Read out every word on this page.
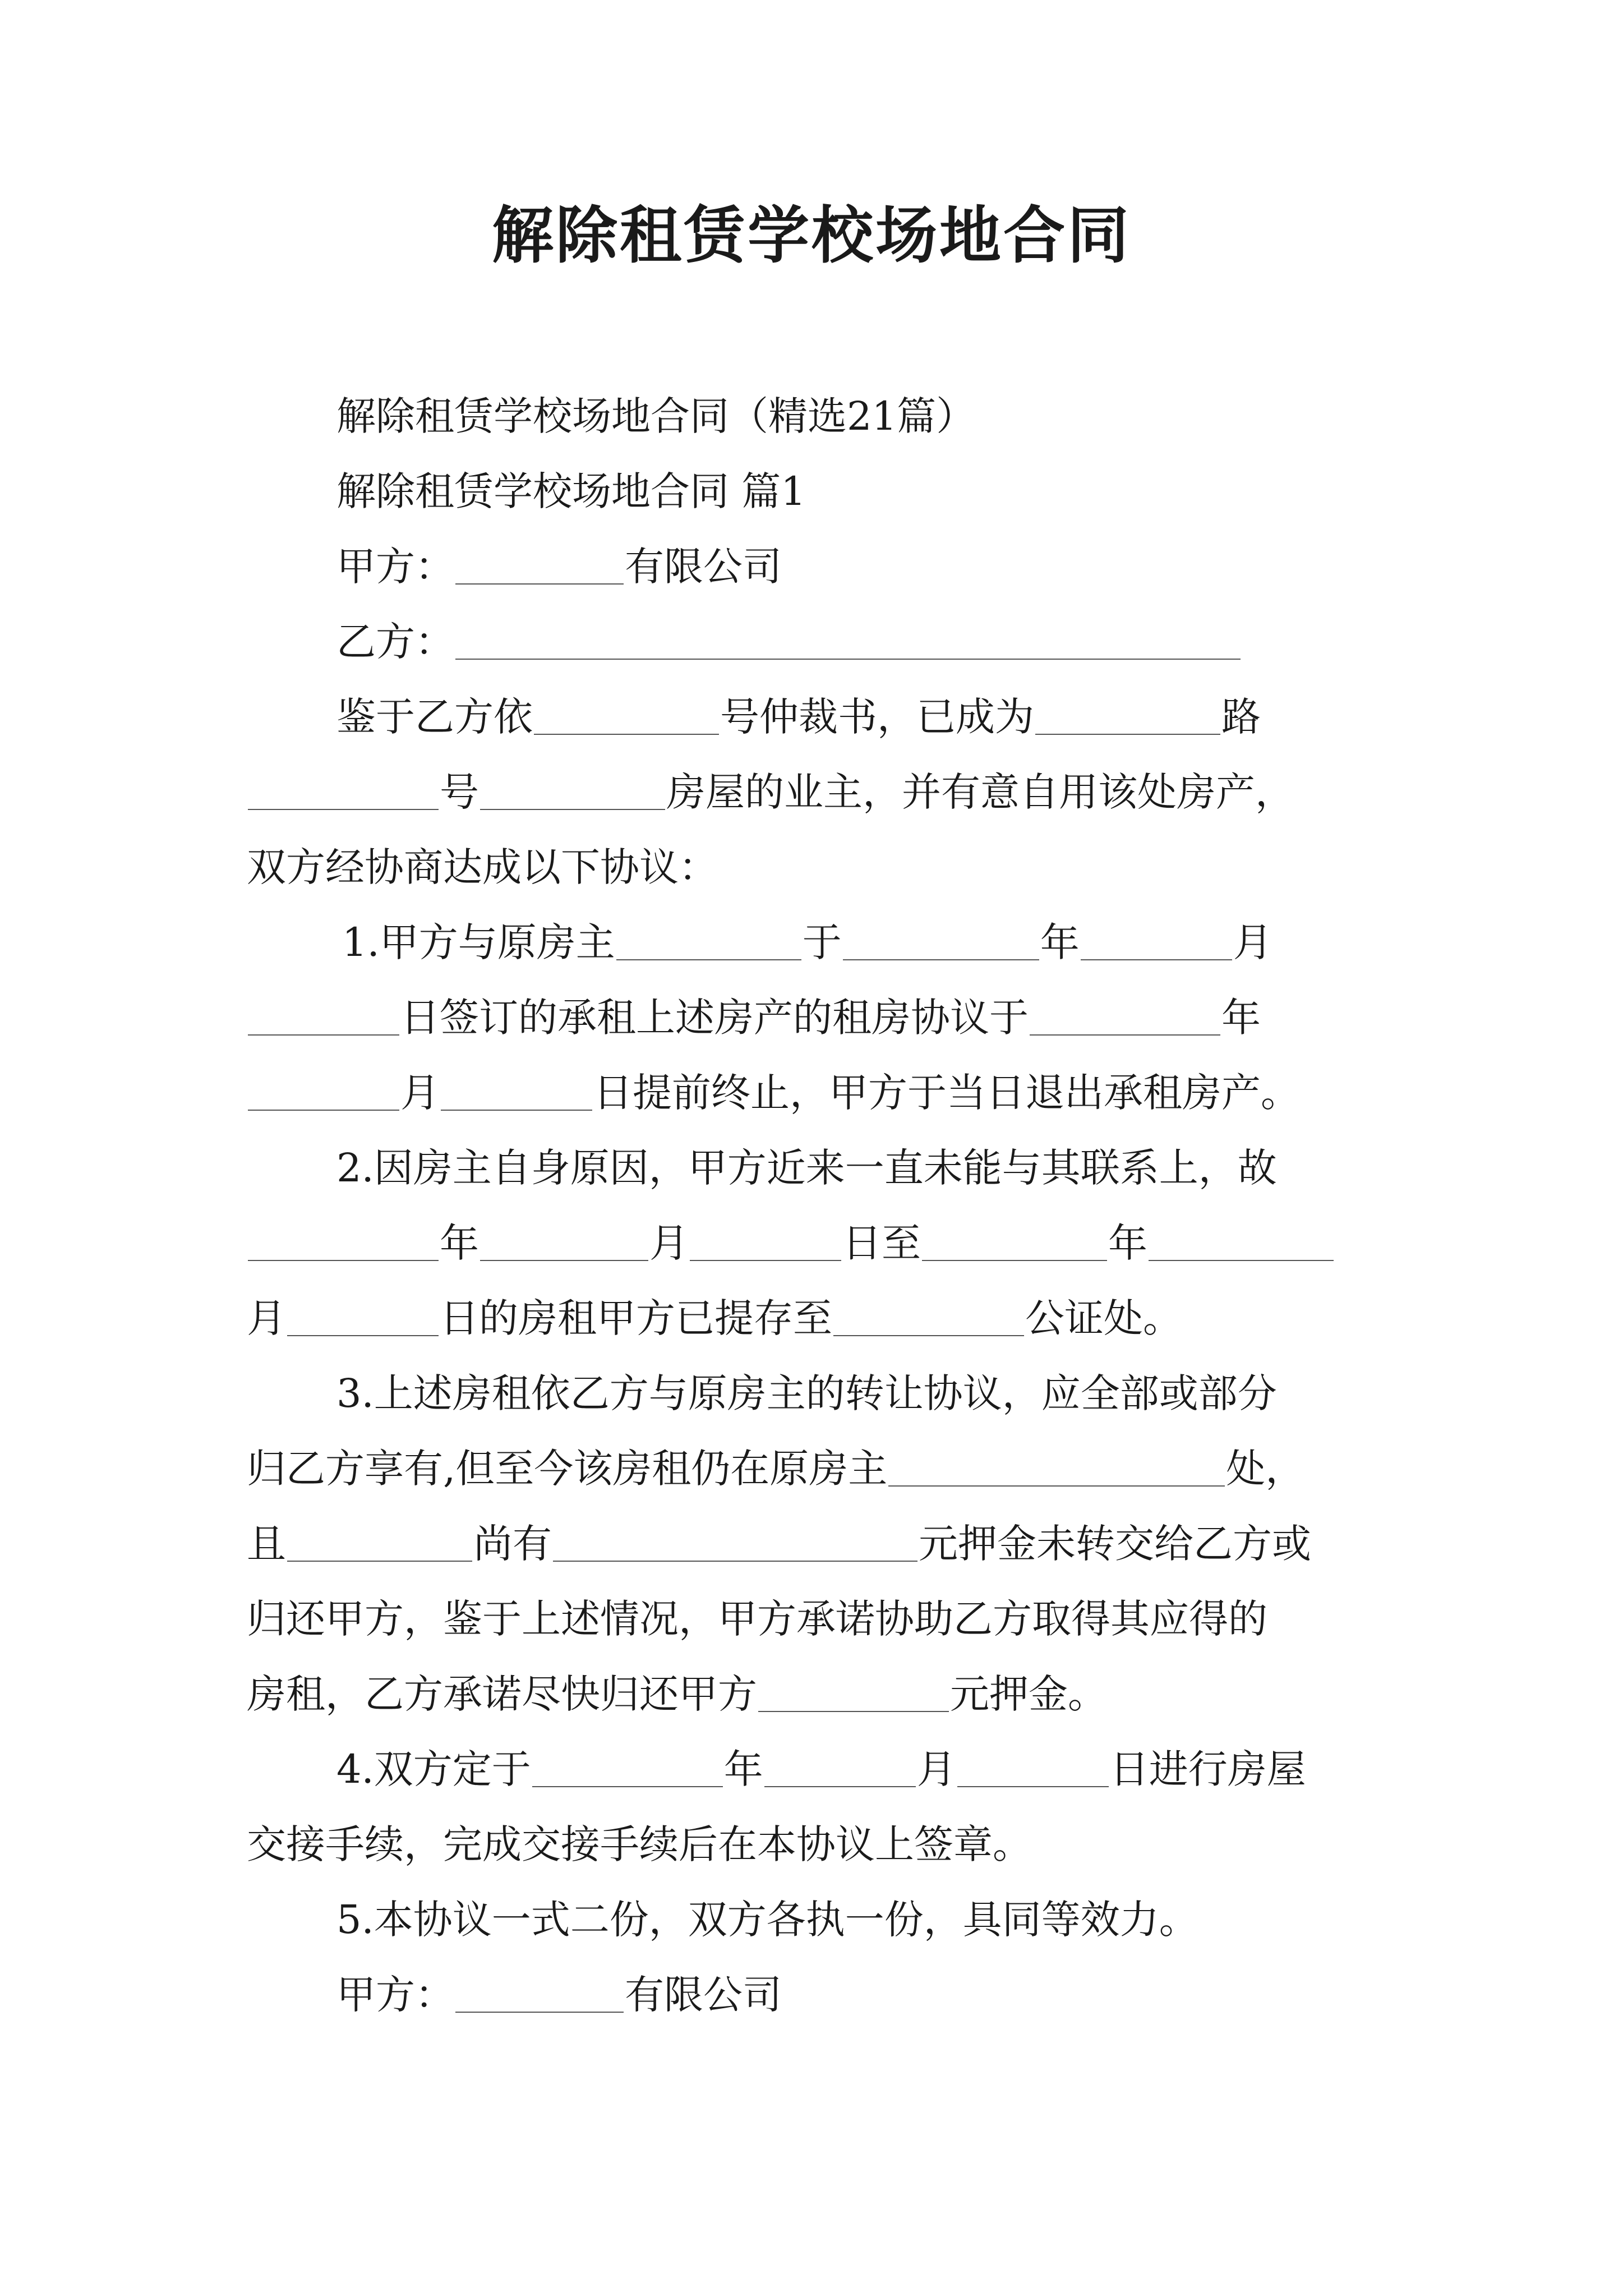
解除租赁学校场地合同
解除租赁学校场地合同（精选21篇）
解除租赁学校场地合同 篇1
甲方：	有限公司
乙方：
鉴于乙方依	号仲裁书，已成为	路
号	房屋的业主，并有意自用该处房产，
双方经协商达成以下协议：
1.甲方与原房主	于	年	月
日签订的承租上述房产的租房协议于	年
月	日提前终止，甲方于当日退出承租房产。
2.因房主自身原因，甲方近来一直未能与其联系上，故
年	月	日至	年
月	日的房租甲方已提存至	公证处。
3.上述房租依乙方与原房主的转让协议，应全部或部分
归乙方享有,但至今该房租仍在原房主	处，
且	尚有	元押金未转交给乙方或
归还甲方，鉴于上述情况，甲方承诺协助乙方取得其应得的
房租，乙方承诺尽快归还甲方	元押金。
4.双方定于	年	月	日进行房屋
交接手续，完成交接手续后在本协议上签章。
5.本协议一式二份，双方各执一份，具同等效力。
甲方：	有限公司
